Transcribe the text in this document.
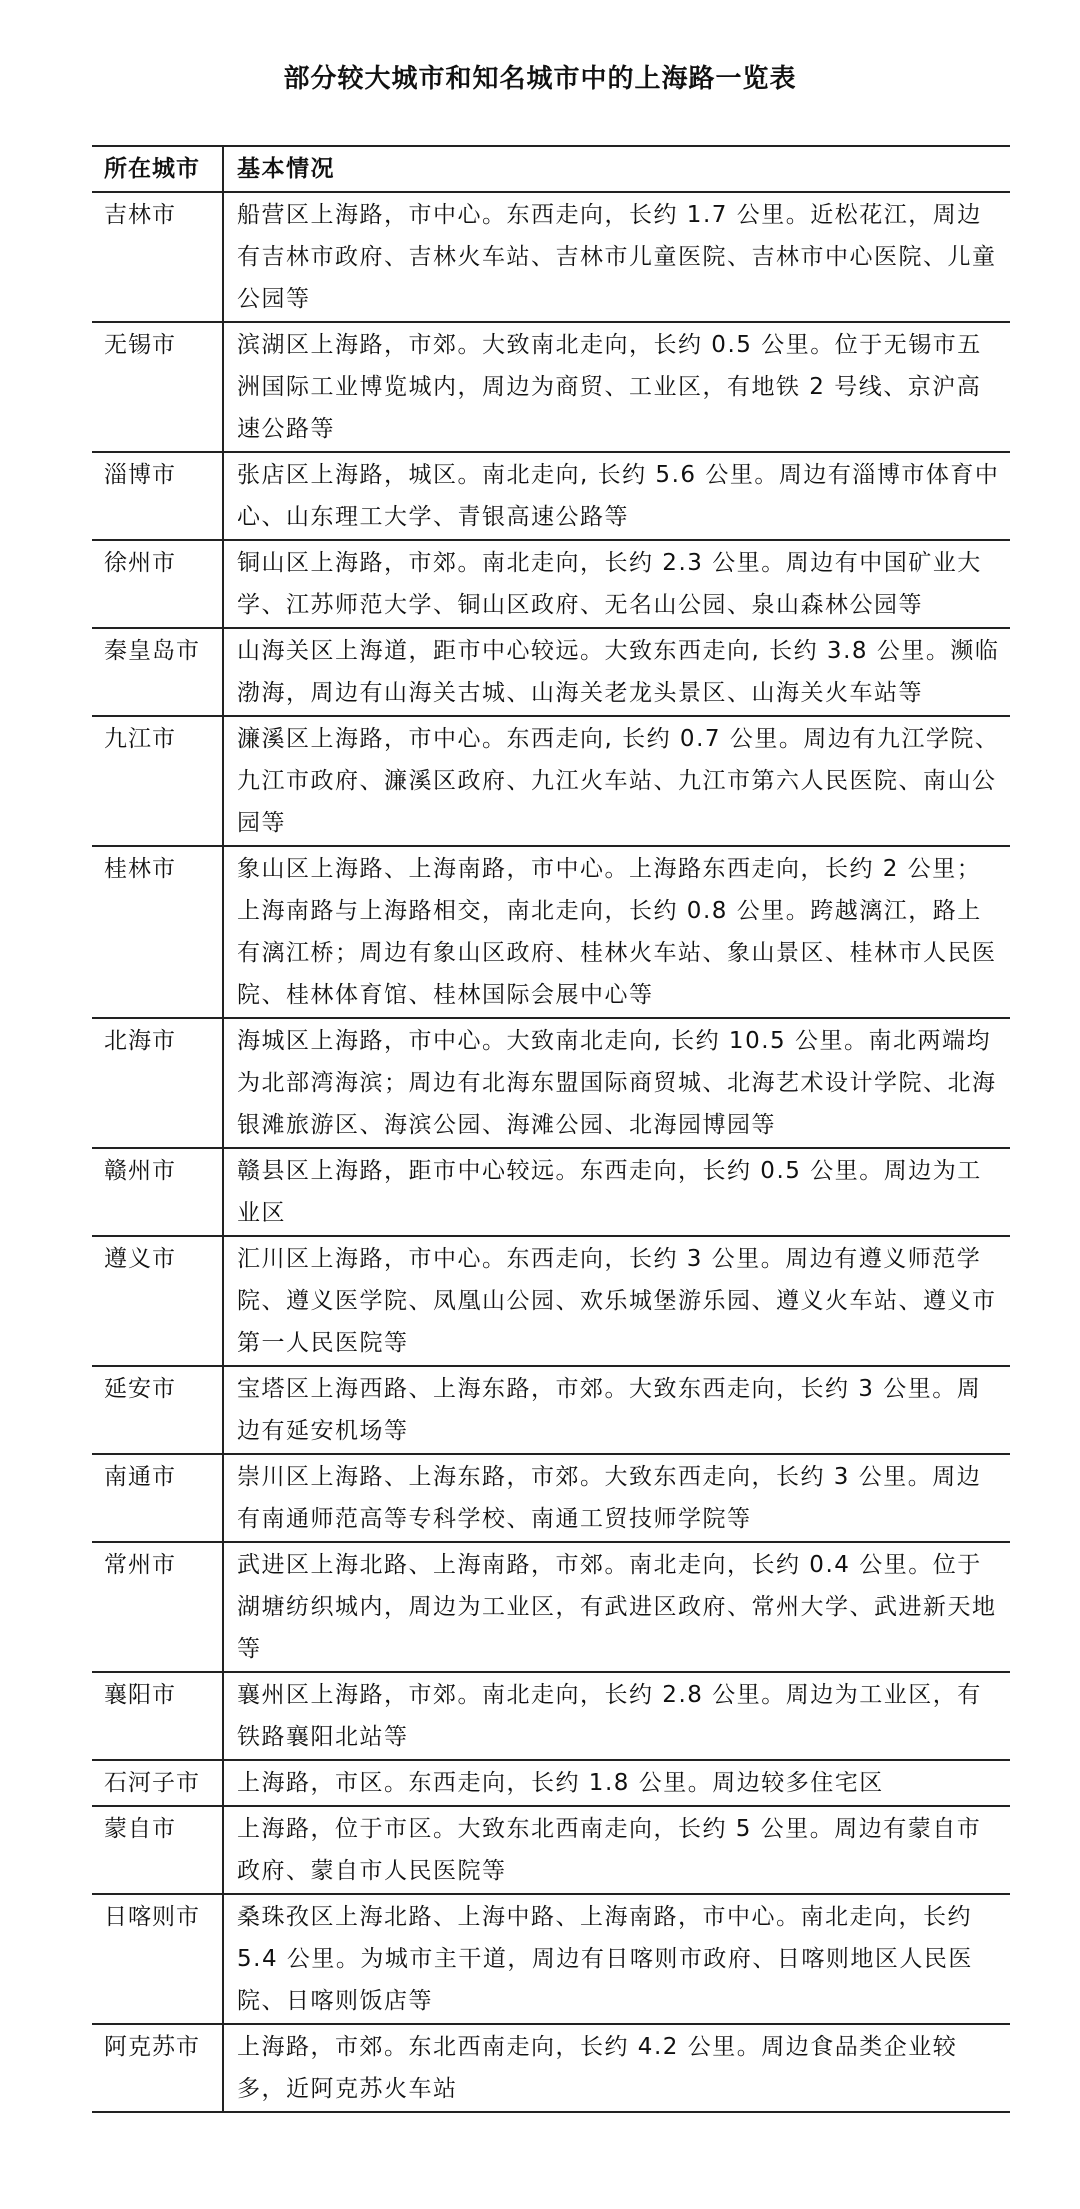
部分较大城市和知名城市中的上海路一览表
所在城市	基本情况
吉林市	船营区上海路，市中心。东西走向，长约 1.7 公里。近松花江，周边有吉林市政府、吉林火车站、吉林市儿童医院、吉林市中心医院、儿童公园等
无锡市	滨湖区上海路，市郊。大致南北走向，长约 0.5 公里。位于无锡市五洲国际工业博览城内，周边为商贸、工业区，有地铁 2 号线、京沪高速公路等
淄博市	张店区上海路，城区。南北走向, 长约 5.6 公里。周边有淄博市体育中心、山东理工大学、青银高速公路等
徐州市	铜山区上海路，市郊。南北走向，长约 2.3 公里。周边有中国矿业大学、江苏师范大学、铜山区政府、无名山公园、泉山森林公园等
秦皇岛市	山海关区上海道，距市中心较远。大致东西走向, 长约 3.8 公里。濒临渤海，周边有山海关古城、山海关老龙头景区、山海关火车站等
九江市	濂溪区上海路，市中心。东西走向, 长约 0.7 公里。周边有九江学院、九江市政府、濂溪区政府、九江火车站、九江市第六人民医院、南山公园等
桂林市	象山区上海路、上海南路，市中心。上海路东西走向，长约 2 公里；上海南路与上海路相交，南北走向，长约 0.8 公里。跨越漓江，路上有漓江桥；周边有象山区政府、桂林火车站、象山景区、桂林市人民医院、桂林体育馆、桂林国际会展中心等
北海市	海城区上海路，市中心。大致南北走向, 长约 10.5 公里。南北两端均为北部湾海滨；周边有北海东盟国际商贸城、北海艺术设计学院、北海银滩旅游区、海滨公园、海滩公园、北海园博园等
赣州市	赣县区上海路，距市中心较远。东西走向，长约 0.5 公里。周边为工业区
遵义市	汇川区上海路，市中心。东西走向，长约 3 公里。周边有遵义师范学院、遵义医学院、凤凰山公园、欢乐城堡游乐园、遵义火车站、遵义市第一人民医院等
延安市	宝塔区上海西路、上海东路，市郊。大致东西走向，长约 3 公里。周边有延安机场等
南通市	崇川区上海路、上海东路，市郊。大致东西走向，长约 3 公里。周边有南通师范高等专科学校、南通工贸技师学院等
常州市	武进区上海北路、上海南路，市郊。南北走向，长约 0.4 公里。位于湖塘纺织城内，周边为工业区，有武进区政府、常州大学、武进新天地等
襄阳市	襄州区上海路，市郊。南北走向，长约 2.8 公里。周边为工业区，有铁路襄阳北站等
石河子市	上海路，市区。东西走向，长约 1.8 公里。周边较多住宅区
蒙自市	上海路，位于市区。大致东北西南走向，长约 5 公里。周边有蒙自市政府、蒙自市人民医院等
日喀则市	桑珠孜区上海北路、上海中路、上海南路，市中心。南北走向，长约 5.4 公里。为城市主干道，周边有日喀则市政府、日喀则地区人民医院、日喀则饭店等
阿克苏市	上海路，市郊。东北西南走向，长约 4.2 公里。周边食品类企业较多，近阿克苏火车站
